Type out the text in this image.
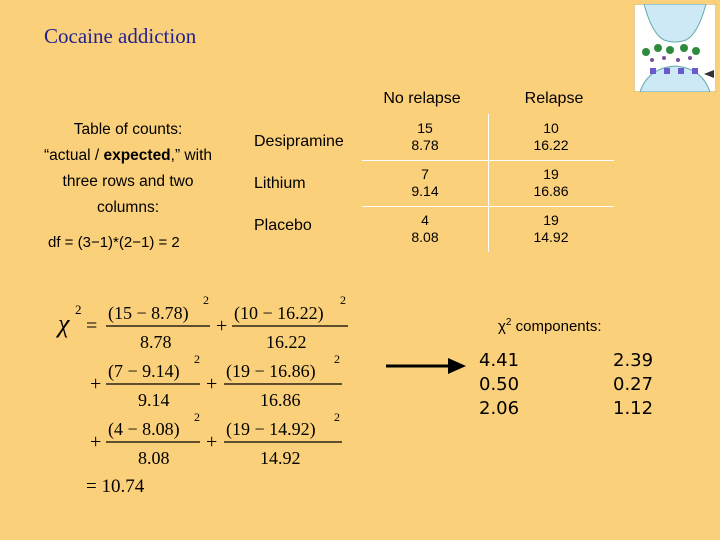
Cocaine addiction
Table of counts:
“actual / expected,” with
three rows and two
columns:
df = (3−1)*(2−1) = 2
No relapse	Relapse
Desipramine
Lithium
Placebo
15
8.78
10
16.22
7
9.14
19
16.86
4
8.08
19
14.92
χ 2
=
(15 − 8.78)
2
8.78
+
(10 − 16.22)
2
16.22
+
(7 − 9.14)
2
9.14
+
(19 − 16.86)
2
16.86
+
(4 − 8.08)
2
8.08
+
(19 − 14.92)
2
14.92
= 10.74
$\chi^2$ components:
4.41
0.50
2.06
2.39
0.27
1.12
